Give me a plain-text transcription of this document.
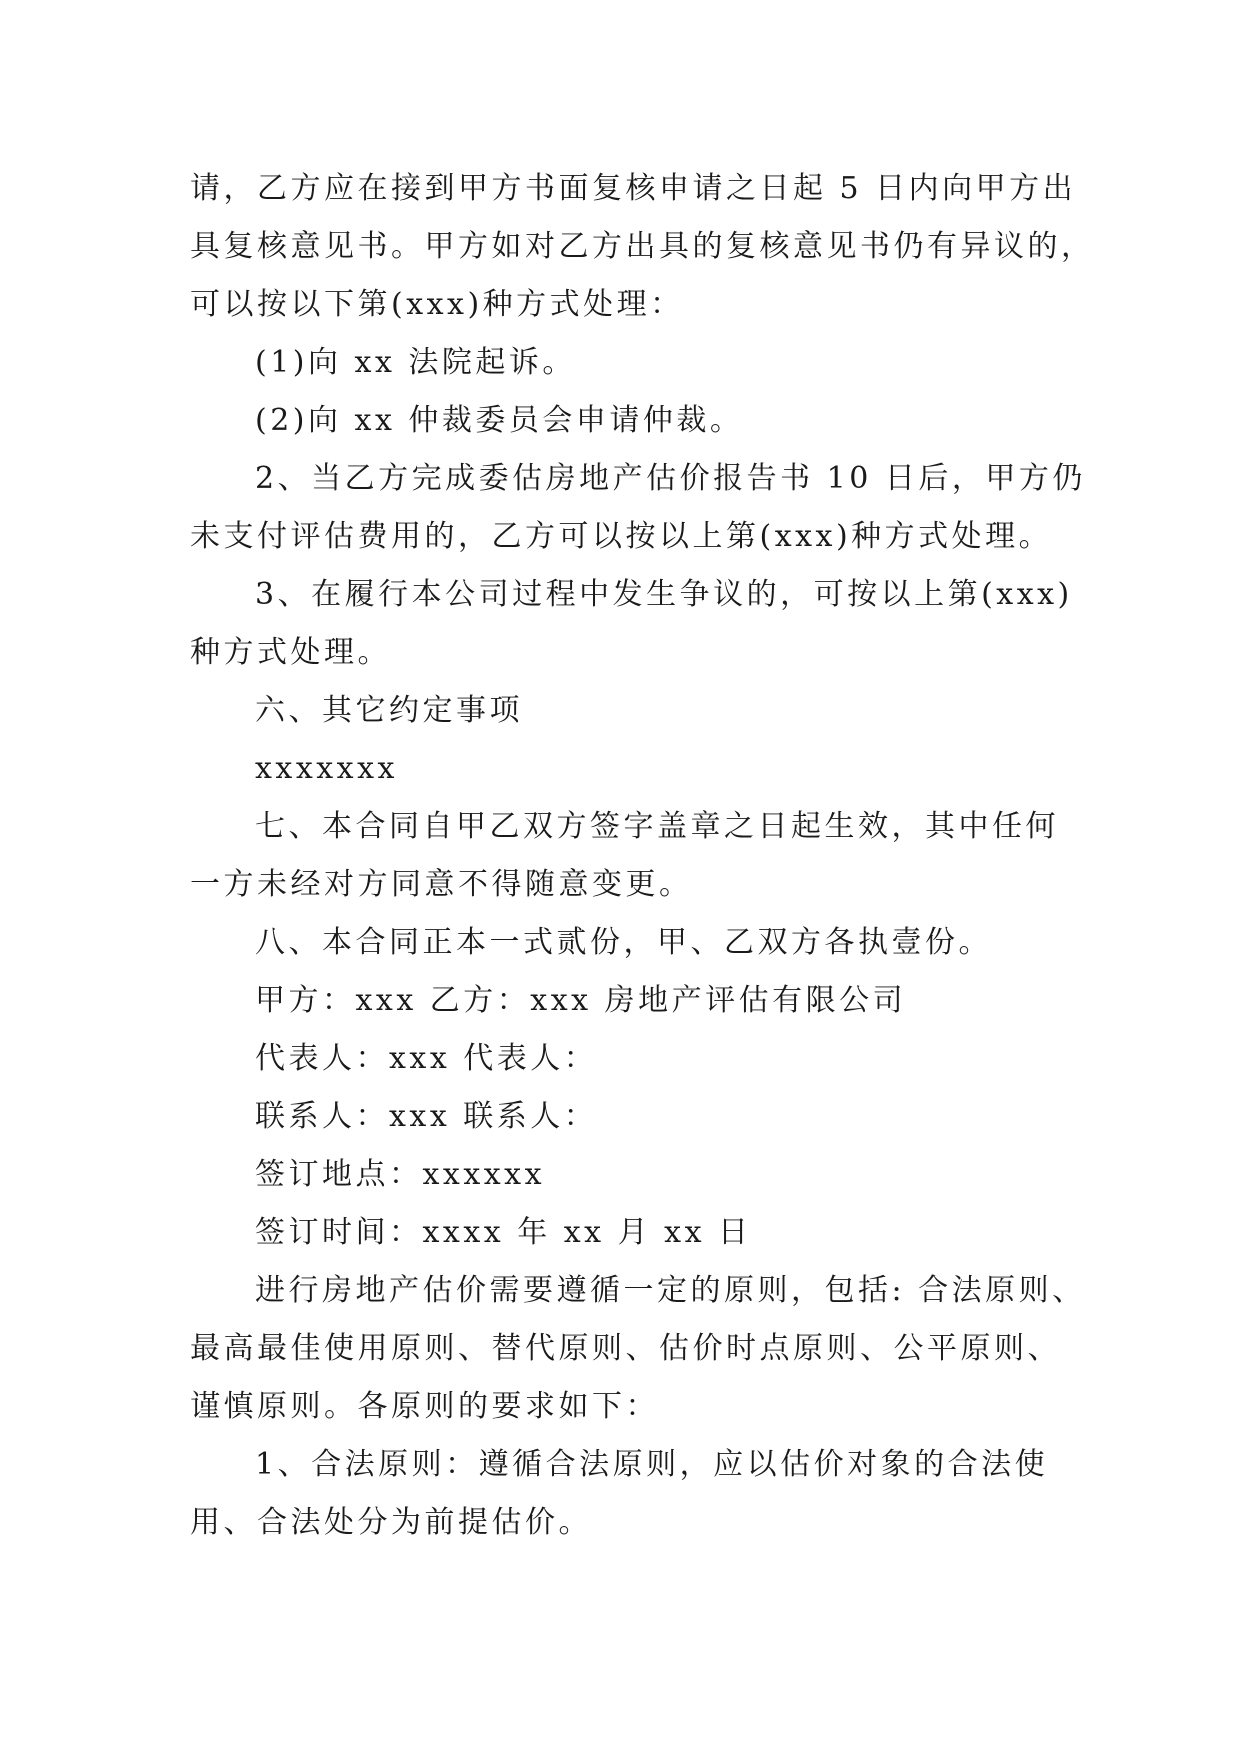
请，乙方应在接到甲方书面复核申请之日起 5 日内向甲方出

具复核意见书。甲方如对乙方出具的复核意见书仍有异议的，

可以按以下第(xxx)种方式处理：

(1)向 xx 法院起诉。

(2)向 xx 仲裁委员会申请仲裁。

2、当乙方完成委估房地产估价报告书 10 日后，甲方仍

未支付评估费用的，乙方可以按以上第(xxx)种方式处理。

3、在履行本公司过程中发生争议的，可按以上第(xxx)

种方式处理。

六、其它约定事项

xxxxxxx

七、本合同自甲乙双方签字盖章之日起生效，其中任何

一方未经对方同意不得随意变更。

八、本合同正本一式贰份，甲、乙双方各执壹份。

甲方：xxx 乙方：xxx 房地产评估有限公司

代表人：xxx 代表人：

联系人：xxx 联系人：

签订地点：xxxxxx

签订时间：xxxx 年 xx 月 xx 日

进行房地产估价需要遵循一定的原则，包括: 合法原则、

最高最佳使用原则、替代原则、估价时点原则、公平原则、

谨慎原则。各原则的要求如下：

1、合法原则：遵循合法原则，应以估价对象的合法使

用、合法处分为前提估价。
